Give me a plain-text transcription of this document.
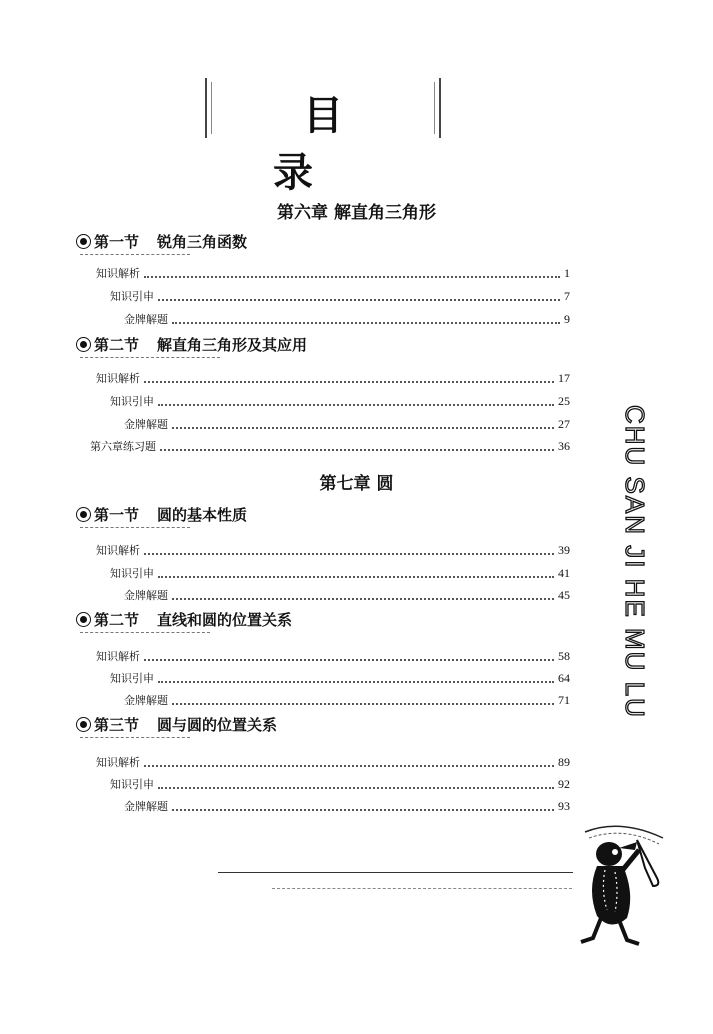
目 录
第六章 解直角三角形
第一节 锐角三角函数
知识解析	1
知识引申	7
金牌解题	9
第二节 解直角三角形及其应用
知识解析	17
知识引申	25
金牌解题	27
第六章练习题	36
第七章 圆
第一节 圆的基本性质
知识解析	39
知识引申	41
金牌解题	45
第二节 直线和圆的位置关系
知识解析	58
知识引申	64
金牌解题	71
第三节 圆与圆的位置关系
知识解析	89
知识引申	92
金牌解题	93
CHU SAN JI HE MU LU
